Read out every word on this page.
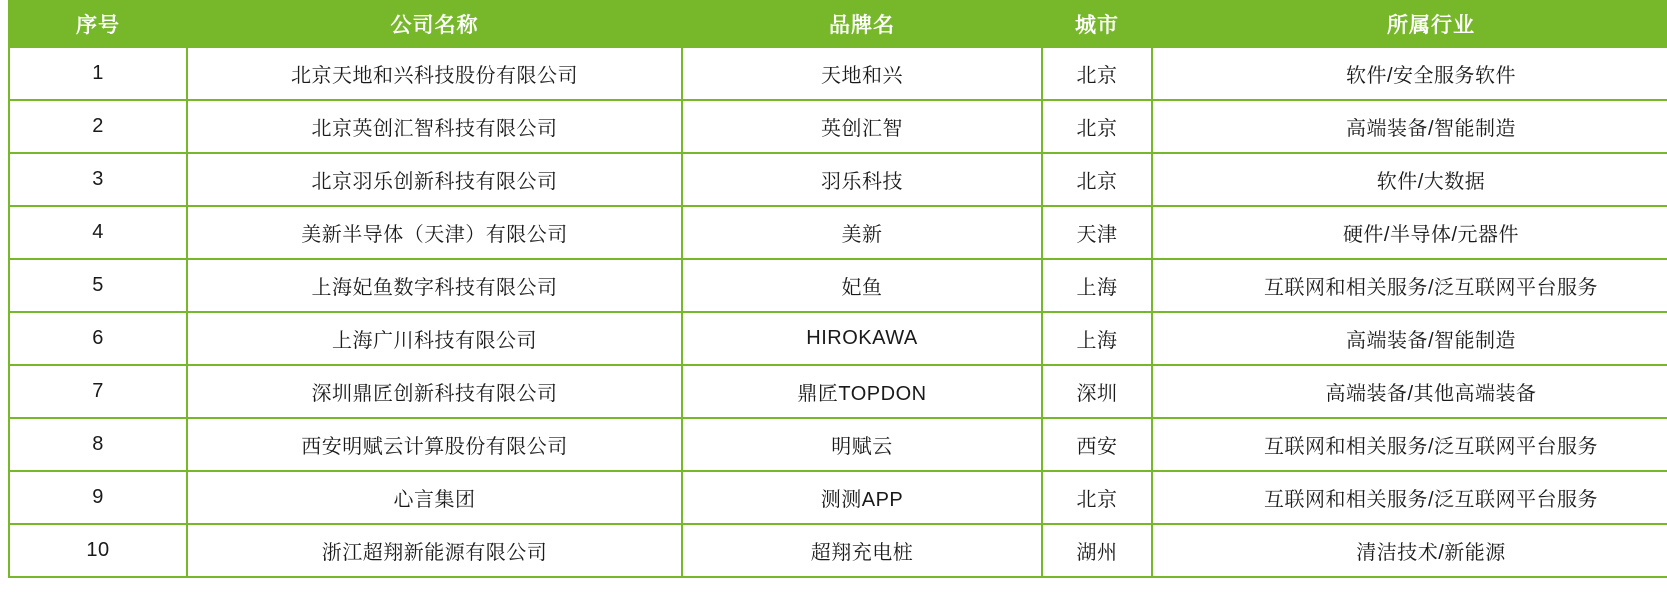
序号	公司名称	品牌名	城市	所属行业
1	北京天地和兴科技股份有限公司	天地和兴	北京	软件/安全服务软件
2	北京英创汇智科技有限公司	英创汇智	北京	高端装备/智能制造
3	北京羽乐创新科技有限公司	羽乐科技	北京	软件/大数据
4	美新半导体（天津）有限公司	美新	天津	硬件/半导体/元器件
5	上海妃鱼数字科技有限公司	妃鱼	上海	互联网和相关服务/泛互联网平台服务
6	上海广川科技有限公司	HIROKAWA	上海	高端装备/智能制造
7	深圳鼎匠创新科技有限公司	鼎匠TOPDON	深圳	高端装备/其他高端装备
8	西安明赋云计算股份有限公司	明赋云	西安	互联网和相关服务/泛互联网平台服务
9	心言集团	测测APP	北京	互联网和相关服务/泛互联网平台服务
10	浙江超翔新能源有限公司	超翔充电桩	湖州	清洁技术/新能源
